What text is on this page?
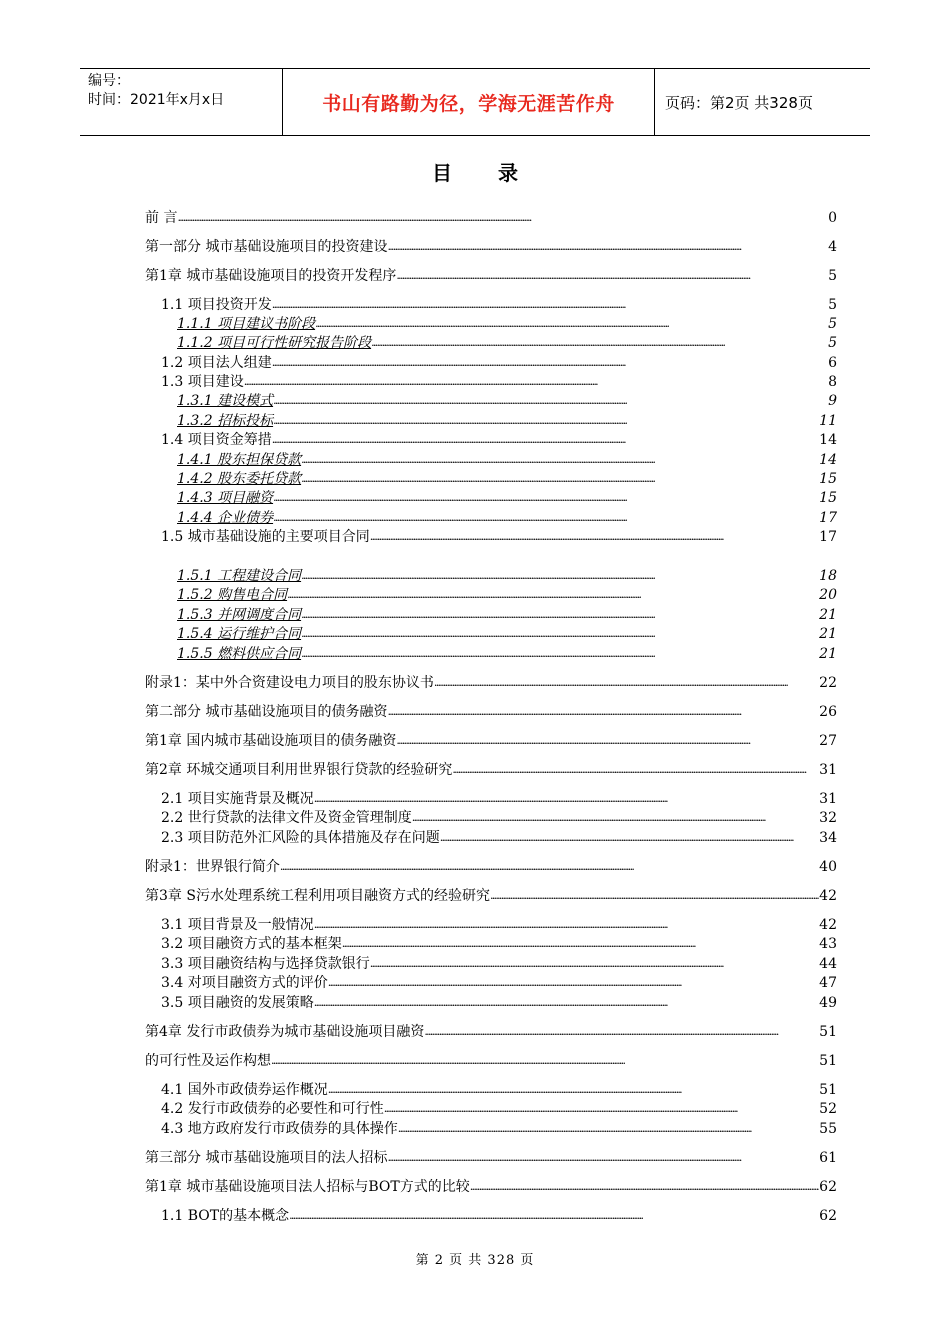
编号：
时间：2021年x月x日	书山有路勤为径，学海无涯苦作舟	页码：第2页 共328页
目 录
前 言 . . .	0
第一部分 城市基础设施项目的投资建设 . . .	4
第1章 城市基础设施项目的投资开发程序 . . .	5
1.1 项目投资开发 . . .	5
1.1.1 项目建议书阶段 . . .	5
1.1.2 项目可行性研究报告阶段 . . .	5
1.2 项目法人组建 . . .	6
1.3 项目建设 . . .	8
1.3.1 建设模式 . . .	9
1.3.2 招标投标 . . .	11
1.4 项目资金筹措 . . .	14
1.4.1 股东担保贷款 . . .	14
1.4.2 股东委托贷款 . . .	15
1.4.3 项目融资 . . .	15
1.4.4 企业债券 . . .	17
1.5 城市基础设施的主要项目合同 . . .	17
1.5.1 工程建设合同 . . .	18
1.5.2 购售电合同 . . .	20
1.5.3 并网调度合同 . . .	21
1.5.4 运行维护合同 . . .	21
1.5.5 燃料供应合同 . . .	21
附录1：某中外合资建设电力项目的股东协议书 . . .	22
第二部分 城市基础设施项目的债务融资 . . .	26
第1章 国内城市基础设施项目的债务融资 . . .	27
第2章 环城交通项目利用世界银行贷款的经验研究 . . .	31
2.1 项目实施背景及概况 . . .	31
2.2 世行贷款的法律文件及资金管理制度 . . .	32
2.3 项目防范外汇风险的具体措施及存在问题 . . .	34
附录1：世界银行简介 . . .	40
第3章 S污水处理系统工程利用项目融资方式的经验研究 . . .	42
3.1 项目背景及一般情况 . . .	42
3.2 项目融资方式的基本框架 . . .	43
3.3 项目融资结构与选择贷款银行 . . .	44
3.4 对项目融资方式的评价 . . .	47
3.5 项目融资的发展策略 . . .	49
第4章 发行市政债券为城市基础设施项目融资 . . .	51
的可行性及运作构想 . . .	51
4.1 国外市政债券运作概况 . . .	51
4.2 发行市政债券的必要性和可行性 . . .	52
4.3 地方政府发行市政债券的具体操作 . . .	55
第三部分 城市基础设施项目的法人招标 . . .	61
第1章 城市基础设施项目法人招标与BOT方式的比较 . . .	62
1.1 BOT的基本概念 . . .	62
第 2 页 共 328 页
